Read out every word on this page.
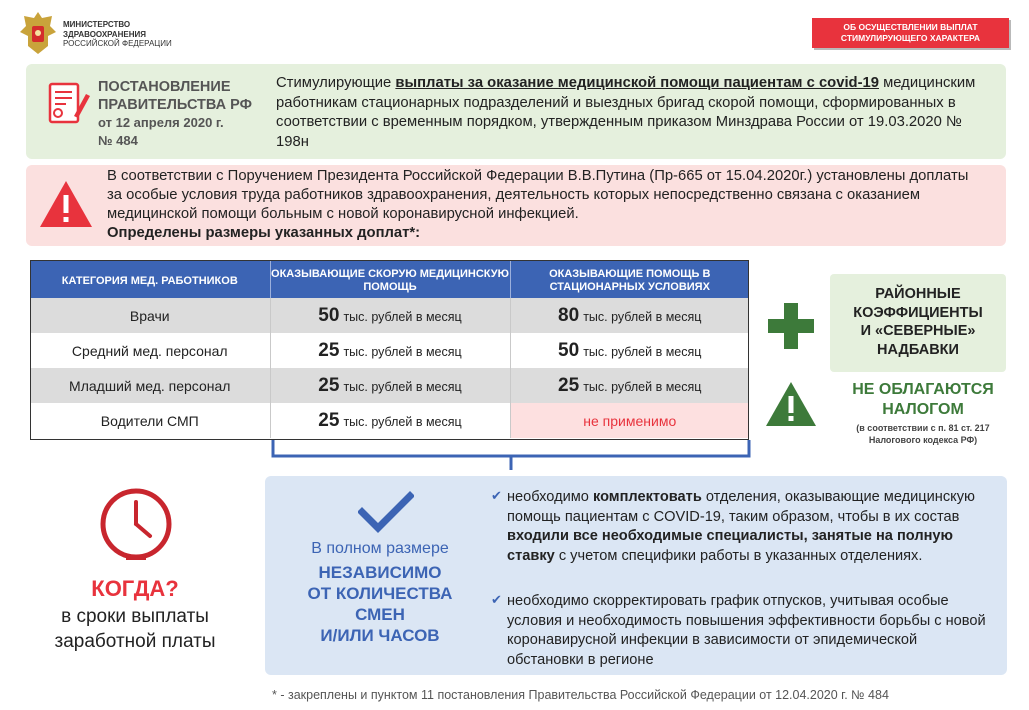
МИНИСТЕРСТВО
ЗДРАВООХРАНЕНИЯ
РОССИЙСКОЙ ФЕДЕРАЦИИ
ОБ ОСУЩЕСТВЛЕНИИ ВЫПЛАТ
СТИМУЛИРУЮЩЕГО ХАРАКТЕРА
ПОСТАНОВЛЕНИЕ
ПРАВИТЕЛЬСТВА РФ
от 12 апреля 2020 г.
№ 484
Стимулирующие выплаты за оказание медицинской помощи пациентам с covid-19 медицинским работникам стационарных подразделений и выездных бригад скорой помощи, сформированных в соответствии с временным порядком, утвержденным приказом Минздрава России от 19.03.2020 № 198н
В соответствии с Поручением Президента Российской Федерации В.В.Путина (Пр-665 от 15.04.2020г.) установлены доплаты за особые условия труда работников здравоохранения, деятельность которых непосредственно связана с оказанием медицинской помощи больным с новой коронавирусной инфекцией.
Определены размеры указанных доплат*:
КАТЕГОРИЯ МЕД. РАБОТНИКОВ	ОКАЗЫВАЮЩИЕ СКОРУЮ МЕДИЦИНСКУЮ ПОМОЩЬ	ОКАЗЫВАЮЩИЕ ПОМОЩЬ В СТАЦИОНАРНЫХ УСЛОВИЯХ
Врачи	50 тыс. рублей в месяц	80 тыс. рублей в месяц
Средний мед. персонал	25 тыс. рублей в месяц	50 тыс. рублей в месяц
Младший мед. персонал	25 тыс. рублей в месяц	25 тыс. рублей в месяц
Водители СМП	25 тыс. рублей в месяц	не применимо
РАЙОННЫЕ
КОЭФФИЦИЕНТЫ
И «СЕВЕРНЫЕ»
НАДБАВКИ
НЕ ОБЛАГАЮТСЯ
НАЛОГОМ
(в соответствии с п. 81 ст. 217
Налогового кодекса РФ)
КОГДА?
в сроки выплаты
заработной платы
В полном размере
НЕЗАВИСИМО
ОТ КОЛИЧЕСТВА
СМЕН
И/ИЛИ ЧАСОВ
✔ необходимо комплектовать отделения, оказывающие медицинскую помощь пациентам с COVID-19, таким образом, чтобы в их состав входили все необходимые специалисты, занятые на полную ставку с учетом специфики работы в указанных отделениях.
✔ необходимо скорректировать график отпусков, учитывая особые условия и необходимость повышения эффективности борьбы с новой коронавирусной инфекции в зависимости от эпидемической обстановки в регионе
* - закреплены и пунктом 11 постановления Правительства Российской Федерации от 12.04.2020 г. № 484
